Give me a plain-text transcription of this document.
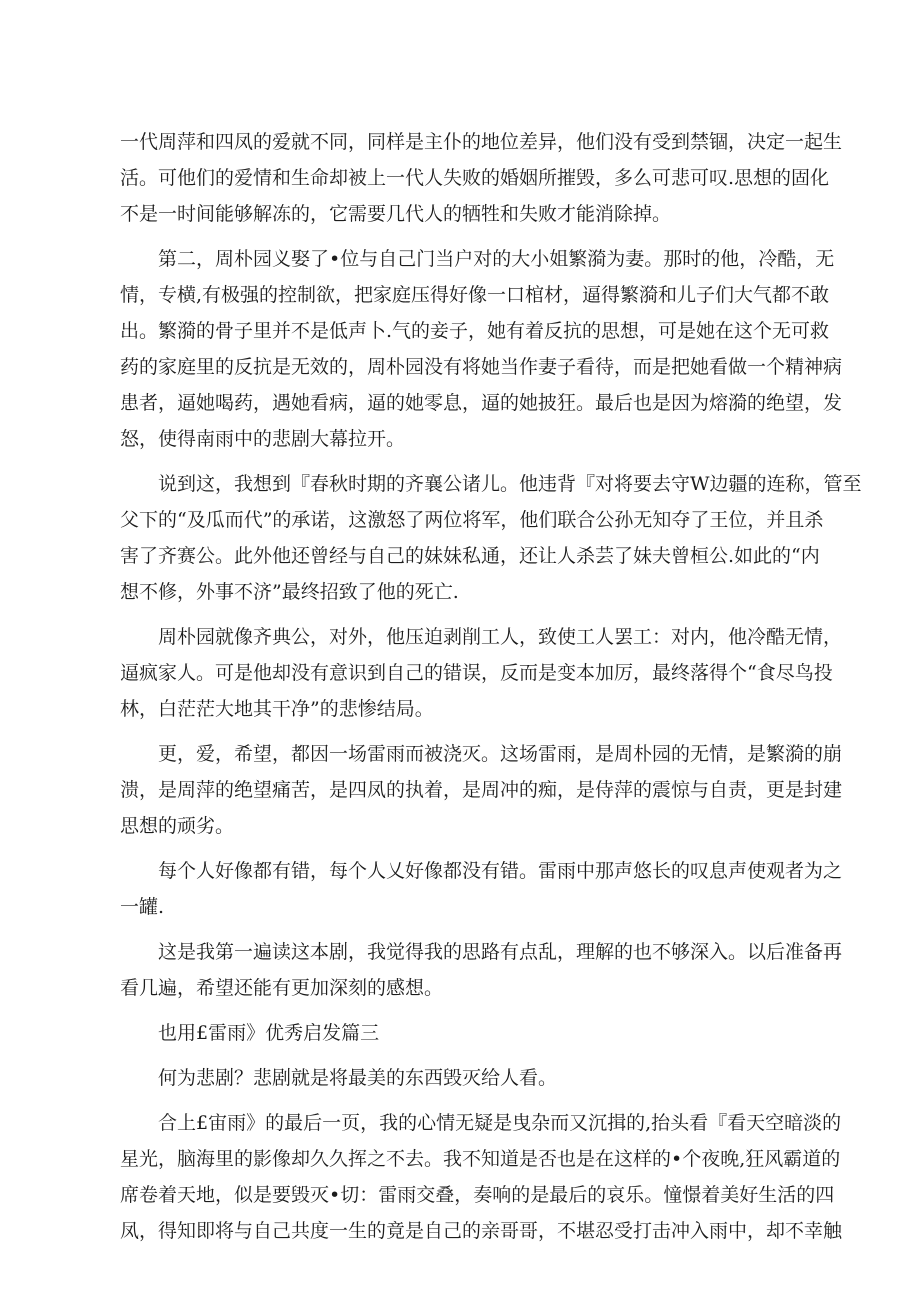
一代周萍和四凤的爱就不同，同样是主仆的地位差异，他们没有受到禁锢，决定一起生
活。可他们的爱情和生命却被上一代人失败的婚姻所摧毁，多么可悲可叹.思想的固化
不是一时间能够解冻的，它需要几代人的牺牲和失败才能消除掉。
第二，周朴园义娶了•位与自己门当户对的大小姐繁漪为妻。那时的他，冷酷，无
情，专横,有极强的控制欲，把家庭压得好像一口棺材，逼得繁漪和儿子们大气都不敢
出。繁漪的骨子里并不是低声卜.气的妾子，她有着反抗的思想，可是她在这个无可救
药的家庭里的反抗是无效的，周朴园没有将她当作妻子看待，而是把她看做一个精神病
患者，逼她喝药，遇她看病，逼的她零息，逼的她披狂。最后也是因为熔漪的绝望，发
怒，使得南雨中的悲剧大幕拉开。
说到这，我想到『春秋时期的齐襄公诸儿。他违背『对将要去守W边疆的连称，管至
父下的“及瓜而代”的承诺，这激怒了两位将军，他们联合公孙无知夺了王位，并且杀
害了齐赛公。此外他还曾经与自己的妹妹私通，还让人杀芸了妹夫曾桓公.如此的“内
想不修，外事不济”最终招致了他的死亡.
周朴园就像齐典公，对外，他压迫剥削工人，致使工人罢工：对内，他冷酷无情，
逼疯家人。可是他却没有意识到自己的错误，反而是变本加厉，最终落得个“食尽鸟投
林，白茫茫大地其干净”的悲惨结局。
更，爱，希望，都因一场雷雨而被浇灭。这场雷雨，是周朴园的无情，是繁漪的崩
溃，是周萍的绝望痛苦，是四凤的执着，是周冲的痴，是侍萍的震惊与自责，更是封建
思想的顽劣。
每个人好像都有错，每个人乂好像都没有错。雷雨中那声悠长的叹息声使观者为之
一罐.
这是我第一遍读这本剧，我觉得我的思路有点乱，理解的也不够深入。以后准备再
看几遍，希望还能有更加深刻的感想。
也用£雷雨》优秀启发篇三
何为悲剧？悲剧就是将最美的东西毁灭给人看。
合上£宙雨》的最后一页，我的心情无疑是曳杂而又沉揖的,抬头看『看天空暗淡的
星光，脑海里的影像却久久挥之不去。我不知道是否也是在这样的•个夜晚,狂风霸道的
席卷着天地，似是要毁灭•切：雷雨交叠，奏响的是最后的哀乐。憧憬着美好生活的四
凤，得知即将与自己共度一生的竟是自己的亲哥哥，不堪忍受打击冲入雨中，却不幸触
